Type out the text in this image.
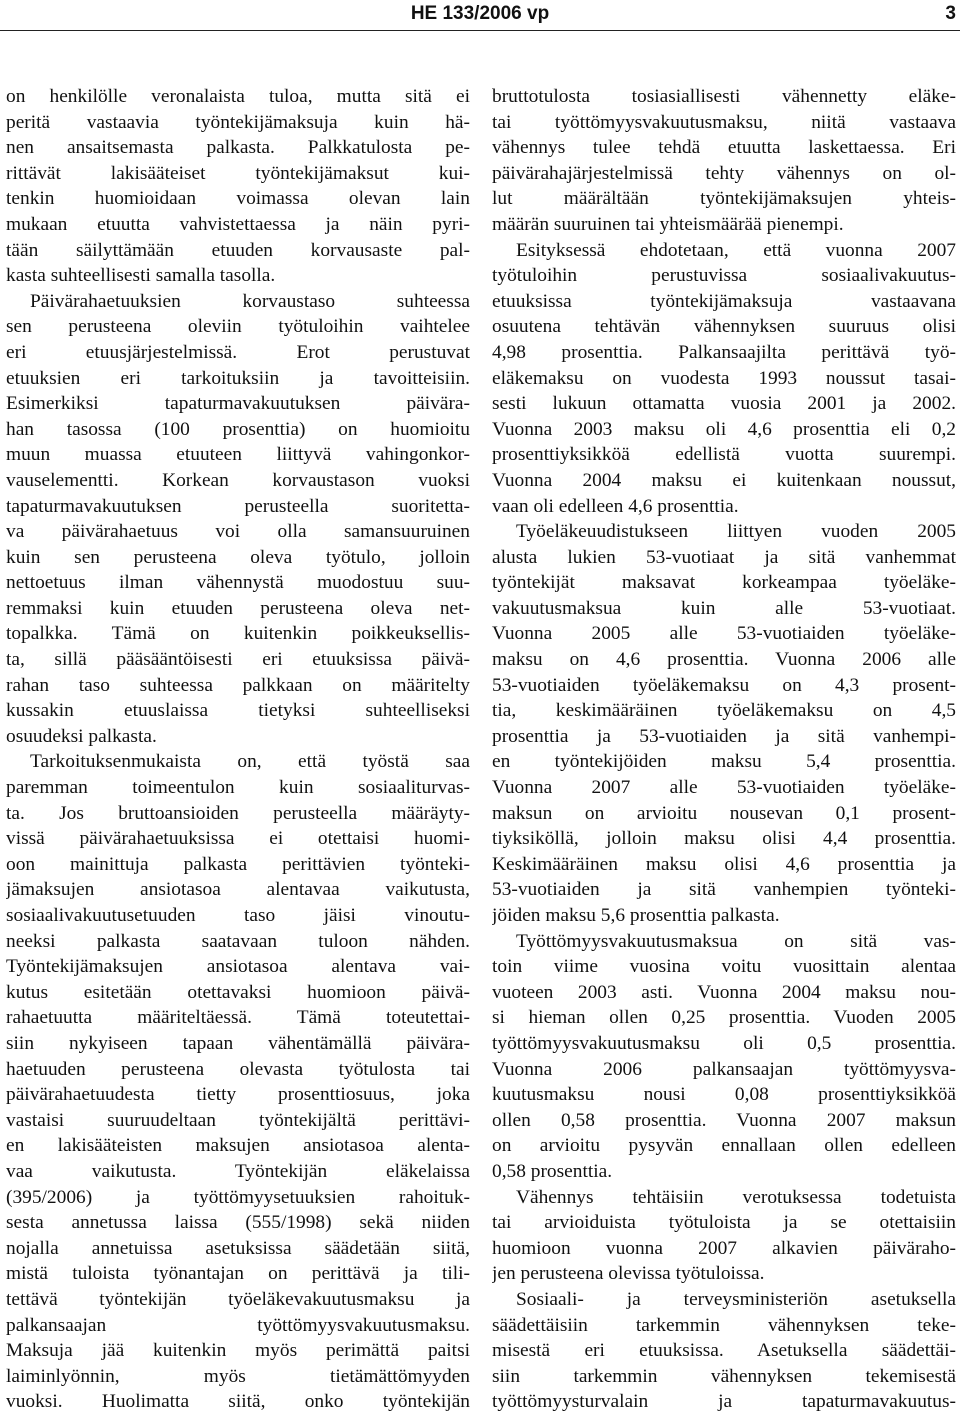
HE 133/2006 vp	3
on henkilölle veronalaista tuloa, mutta sitä ei
peritä vastaavia työntekijämaksuja kuin hä-
nen ansaitsemasta palkasta. Palkkatulosta pe-
rittävät lakisääteiset työntekijämaksut kui-
tenkin huomioidaan voimassa olevan lain
mukaan etuutta vahvistettaessa ja näin pyri-
tään säilyttämään etuuden korvausaste pal-
kasta suhteellisesti samalla tasolla.
Päivärahaetuuksien korvaustaso suhteessa
sen perusteena oleviin työtuloihin vaihtelee
eri etuusjärjestelmissä. Erot perustuvat
etuuksien eri tarkoituksiin ja tavoitteisiin.
Esimerkiksi tapaturmavakuutuksen päivära-
han tasossa (100 prosenttia) on huomioitu
muun muassa etuuteen liittyvä vahingonkor-
vauselementti. Korkean korvaustason vuoksi
tapaturmavakuutuksen perusteella suoritetta-
va päivärahaetuus voi olla samansuuruinen
kuin sen perusteena oleva työtulo, jolloin
nettoetuus ilman vähennystä muodostuu suu-
remmaksi kuin etuuden perusteena oleva net-
topalkka. Tämä on kuitenkin poikkeuksellis-
ta, sillä pääsääntöisesti eri etuuksissa päivä-
rahan taso suhteessa palkkaan on määritelty
kussakin etuuslaissa tietyksi suhteelliseksi
osuudeksi palkasta.
Tarkoituksenmukaista on, että työstä saa
paremman toimeentulon kuin sosiaaliturvas-
ta. Jos bruttoansioiden perusteella määräyty-
vissä päivärahaetuuksissa ei otettaisi huomi-
oon mainittuja palkasta perittävien työnteki-
jämaksujen ansiotasoa alentavaa vaikutusta,
sosiaalivakuutusetuuden taso jäisi vinoutu-
neeksi palkasta saatavaan tuloon nähden.
Työntekijämaksujen ansiotasoa alentava vai-
kutus esitetään otettavaksi huomioon päivä-
rahaetuutta määriteltäessä. Tämä toteutettai-
siin nykyiseen tapaan vähentämällä päivära-
haetuuden perusteena olevasta työtulosta tai
päivärahaetuudesta tietty prosenttiosuus, joka
vastaisi suuruudeltaan työntekijältä perittävi-
en lakisääteisten maksujen ansiotasoa alenta-
vaa vaikutusta. Työntekijän eläkelaissa
(395/2006) ja työttömyysetuuksien rahoituk-
sesta annetussa laissa (555/1998) sekä niiden
nojalla annetuissa asetuksissa säädetään siitä,
mistä tuloista työnantajan on perittävä ja tili-
tettävä työntekijän työeläkevakuutusmaksu ja
palkansaajan työttömyysvakuutusmaksu.
Maksuja jää kuitenkin myös perimättä paitsi
laiminlyönnin, myös tietämättömyyden
vuoksi. Huolimatta siitä, onko työntekijän
bruttotulosta tosiasiallisesti vähennetty eläke-
tai työttömyysvakuutusmaksu, niitä vastaava
vähennys tulee tehdä etuutta laskettaessa. Eri
päivärahajärjestelmissä tehty vähennys on ol-
lut määrältään työntekijämaksujen yhteis-
määrän suuruinen tai yhteismäärää pienempi.
Esityksessä ehdotetaan, että vuonna 2007
työtuloihin perustuvissa sosiaalivakuutus-
etuuksissa työntekijämaksuja vastaavana
osuutena tehtävän vähennyksen suuruus olisi
4,98 prosenttia. Palkansaajilta perittävä työ-
eläkemaksu on vuodesta 1993 noussut tasai-
sesti lukuun ottamatta vuosia 2001 ja 2002.
Vuonna 2003 maksu oli 4,6 prosenttia eli 0,2
prosenttiyksikköä edellistä vuotta suurempi.
Vuonna 2004 maksu ei kuitenkaan noussut,
vaan oli edelleen 4,6 prosenttia.
Työeläkeuudistukseen liittyen vuoden 2005
alusta lukien 53-vuotiaat ja sitä vanhemmat
työntekijät maksavat korkeampaa työeläke-
vakuutusmaksua kuin alle 53-vuotiaat.
Vuonna 2005 alle 53-vuotiaiden työeläke-
maksu on 4,6 prosenttia. Vuonna 2006 alle
53-vuotiaiden työeläkemaksu on 4,3 prosent-
tia, keskimääräinen työeläkemaksu on 4,5
prosenttia ja 53-vuotiaiden ja sitä vanhempi-
en työntekijöiden maksu 5,4 prosenttia.
Vuonna 2007 alle 53-vuotiaiden työeläke-
maksun on arvioitu nousevan 0,1 prosent-
tiyksiköllä, jolloin maksu olisi 4,4 prosenttia.
Keskimääräinen maksu olisi 4,6 prosenttia ja
53-vuotiaiden ja sitä vanhempien työnteki-
jöiden maksu 5,6 prosenttia palkasta.
Työttömyysvakuutusmaksua on sitä vas-
toin viime vuosina voitu vuosittain alentaa
vuoteen 2003 asti. Vuonna 2004 maksu nou-
si hieman ollen 0,25 prosenttia. Vuoden 2005
työttömyysvakuutusmaksu oli 0,5 prosenttia.
Vuonna 2006 palkansaajan työttömyysva-
kuutusmaksu nousi 0,08 prosenttiyksikköä
ollen 0,58 prosenttia. Vuonna 2007 maksun
on arvioitu pysyvän ennallaan ollen edelleen
0,58 prosenttia.
Vähennys tehtäisiin verotuksessa todetuista
tai arvioiduista työtuloista ja se otettaisiin
huomioon vuonna 2007 alkavien päiväraho-
jen perusteena olevissa työtuloissa.
Sosiaali- ja terveysministeriön asetuksella
säädettäisiin tarkemmin vähennyksen teke-
misestä eri etuuksissa. Asetuksella säädettäi-
siin tarkemmin vähennyksen tekemisestä
työttömyysturvalain ja tapaturmavakuutus-
